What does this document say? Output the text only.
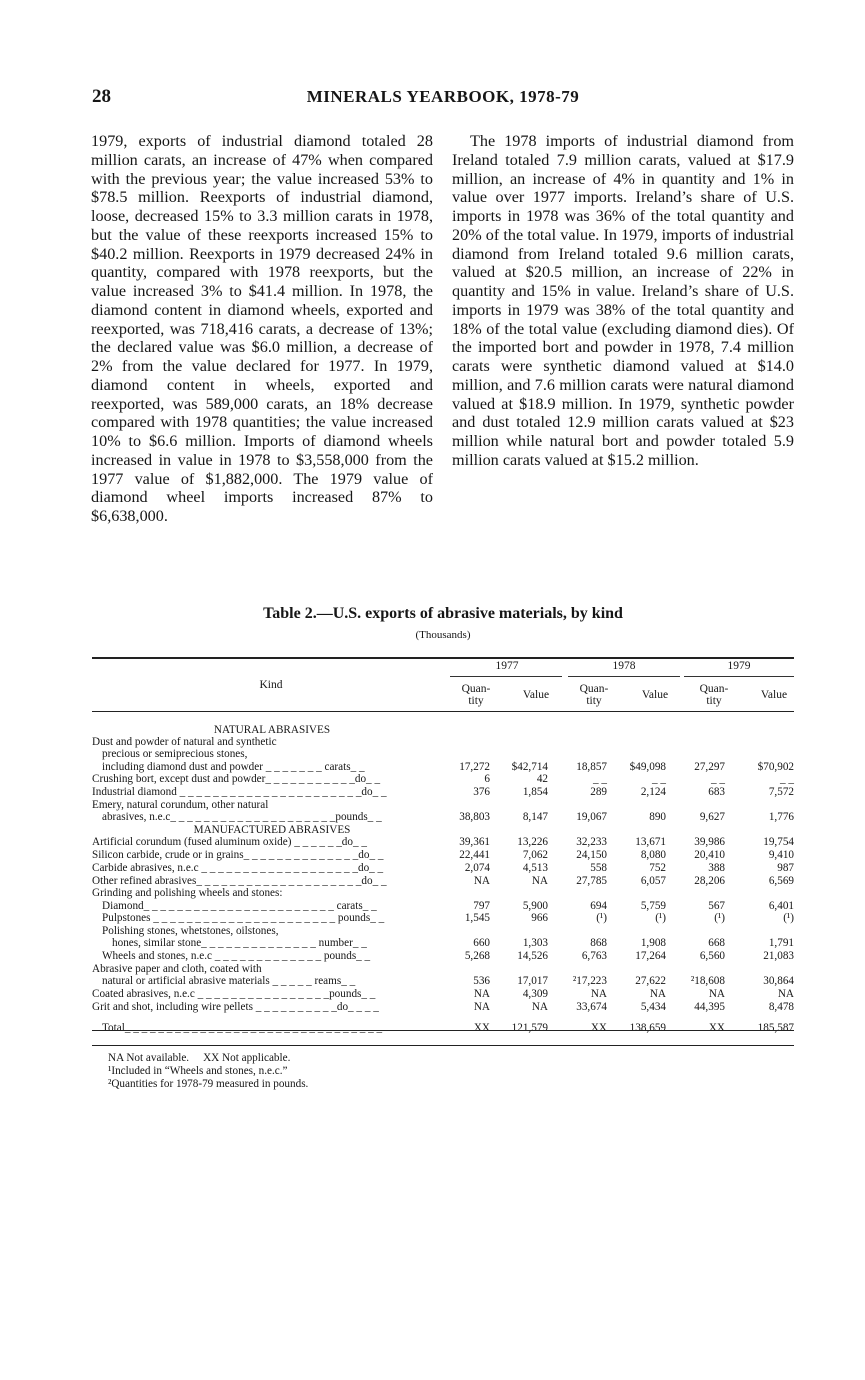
28	MINERALS YEARBOOK, 1978-79

1979, exports of industrial diamond totaled 28 million carats, an increase of 47% when compared with the previous year; the value increased 53% to $78.5 million. Reexports of industrial diamond, loose, decreased 15% to 3.3 million carats in 1978, but the value of these reexports increased 15% to $40.2 million. Reexports in 1979 decreased 24% in quantity, compared with 1978 reexports, but the value increased 3% to $41.4 million. In 1978, the diamond content in diamond wheels, exported and reexported, was 718,416 carats, a decrease of 13%; the declared value was $6.0 million, a decrease of 2% from the value declared for 1977. In 1979, diamond content in wheels, exported and reexported, was 589,000 carats, an 18% decrease compared with 1978 quantities; the value increased 10% to $6.6 million. Imports of diamond wheels increased in value in 1978 to $3,558,000 from the 1977 value of $1,882,000. The 1979 value of diamond wheel imports increased 87% to $6,638,000.

The 1978 imports of industrial diamond from Ireland totaled 7.9 million carats, valued at $17.9 million, an increase of 4% in quantity and 1% in value over 1977 imports. Ireland’s share of U.S. imports in 1978 was 36% of the total quantity and 20% of the total value. In 1979, imports of industrial diamond from Ireland totaled 9.6 million carats, valued at $20.5 million, an increase of 22% in quantity and 15% in value. Ireland’s share of U.S. imports in 1979 was 38% of the total quantity and 18% of the total value (excluding diamond dies). Of the imported bort and powder in 1978, 7.4 million carats were synthetic diamond valued at $14.0 million, and 7.6 million carats were natural diamond valued at $18.9 million. In 1979, synthetic powder and dust totaled 12.9 million carats valued at $23 million while natural bort and powder totaled 5.9 million carats valued at $15.2 million.

Table 2.—U.S. exports of abrasive materials, by kind
(Thousands)
1977	1978	1979
Kind	Quan-
tity	Value	Quan-
tity	Value	Quan-
tity	Value
NATURAL ABRASIVES
Dust and powder of natural and synthetic
precious or semiprecious stones,
including diamond dust and powder _ _ _ _ _ _ _ carats_ _	17,272	$42,714	18,857	$49,098	27,297	$70,902
Crushing bort, except dust and powder_ _ _ _ _ _ _ _ _ _ _do_ _	6	42	_ _	_ _	_ _	_ _
Industrial diamond _ _ _ _ _ _ _ _ _ _ _ _ _ _ _ _ _ _ _ _ _ _do_ _	376	1,854	289	2,124	683	7,572
Emery, natural corundum, other natural
abrasives, n.e.c_ _ _ _ _ _ _ _ _ _ _ _ _ _ _ _ _ _ _ _pounds_ _	38,803	8,147	19,067	890	9,627	1,776
MANUFACTURED ABRASIVES
Artificial corundum (fused aluminum oxide) _ _ _ _ _ _do_ _	39,361	13,226	32,233	13,671	39,986	19,754
Silicon carbide, crude or in grains_ _ _ _ _ _ _ _ _ _ _ _ _ _do_ _	22,441	7,062	24,150	8,080	20,410	9,410
Carbide abrasives, n.e.c _ _ _ _ _ _ _ _ _ _ _ _ _ _ _ _ _ _ _do_ _	2,074	4,513	558	752	388	987
Other refined abrasives_ _ _ _ _ _ _ _ _ _ _ _ _ _ _ _ _ _ _ _do_ _	NA	NA	27,785	6,057	28,206	6,569
Grinding and polishing wheels and stones:
Diamond_ _ _ _ _ _ _ _ _ _ _ _ _ _ _ _ _ _ _ _ _ _ _ carats_ _	797	5,900	694	5,759	567	6,401
Pulpstones _ _ _ _ _ _ _ _ _ _ _ _ _ _ _ _ _ _ _ _ _ _ pounds_ _	1,545	966	(¹)	(¹)	(¹)	(¹)
Polishing stones, whetstones, oilstones,
hones, similar stone_ _ _ _ _ _ _ _ _ _ _ _ _ _ number_ _	660	1,303	868	1,908	668	1,791
Wheels and stones, n.e.c _ _ _ _ _ _ _ _ _ _ _ _ _ pounds_ _	5,268	14,526	6,763	17,264	6,560	21,083
Abrasive paper and cloth, coated with
natural or artificial abrasive materials _ _ _ _ _ reams_ _	536	17,017	²17,223	27,622	²18,608	30,864
Coated abrasives, n.e.c _ _ _ _ _ _ _ _ _ _ _ _ _ _ _ _pounds_ _	NA	4,309	NA	NA	NA	NA
Grit and shot, including wire pellets _ _ _ _ _ _ _ _ _ _do_ _ _ _	NA	NA	33,674	5,434	44,395	8,478
Total_ _ _ _ _ _ _ _ _ _ _ _ _ _ _ _ _ _ _ _ _ _ _ _ _ _ _ _ _ _ _	XX	121,579	XX	138,659	XX	185,587
NA Not available.     XX Not applicable.
¹Included in “Wheels and stones, n.e.c.”
²Quantities for 1978-79 measured in pounds.
